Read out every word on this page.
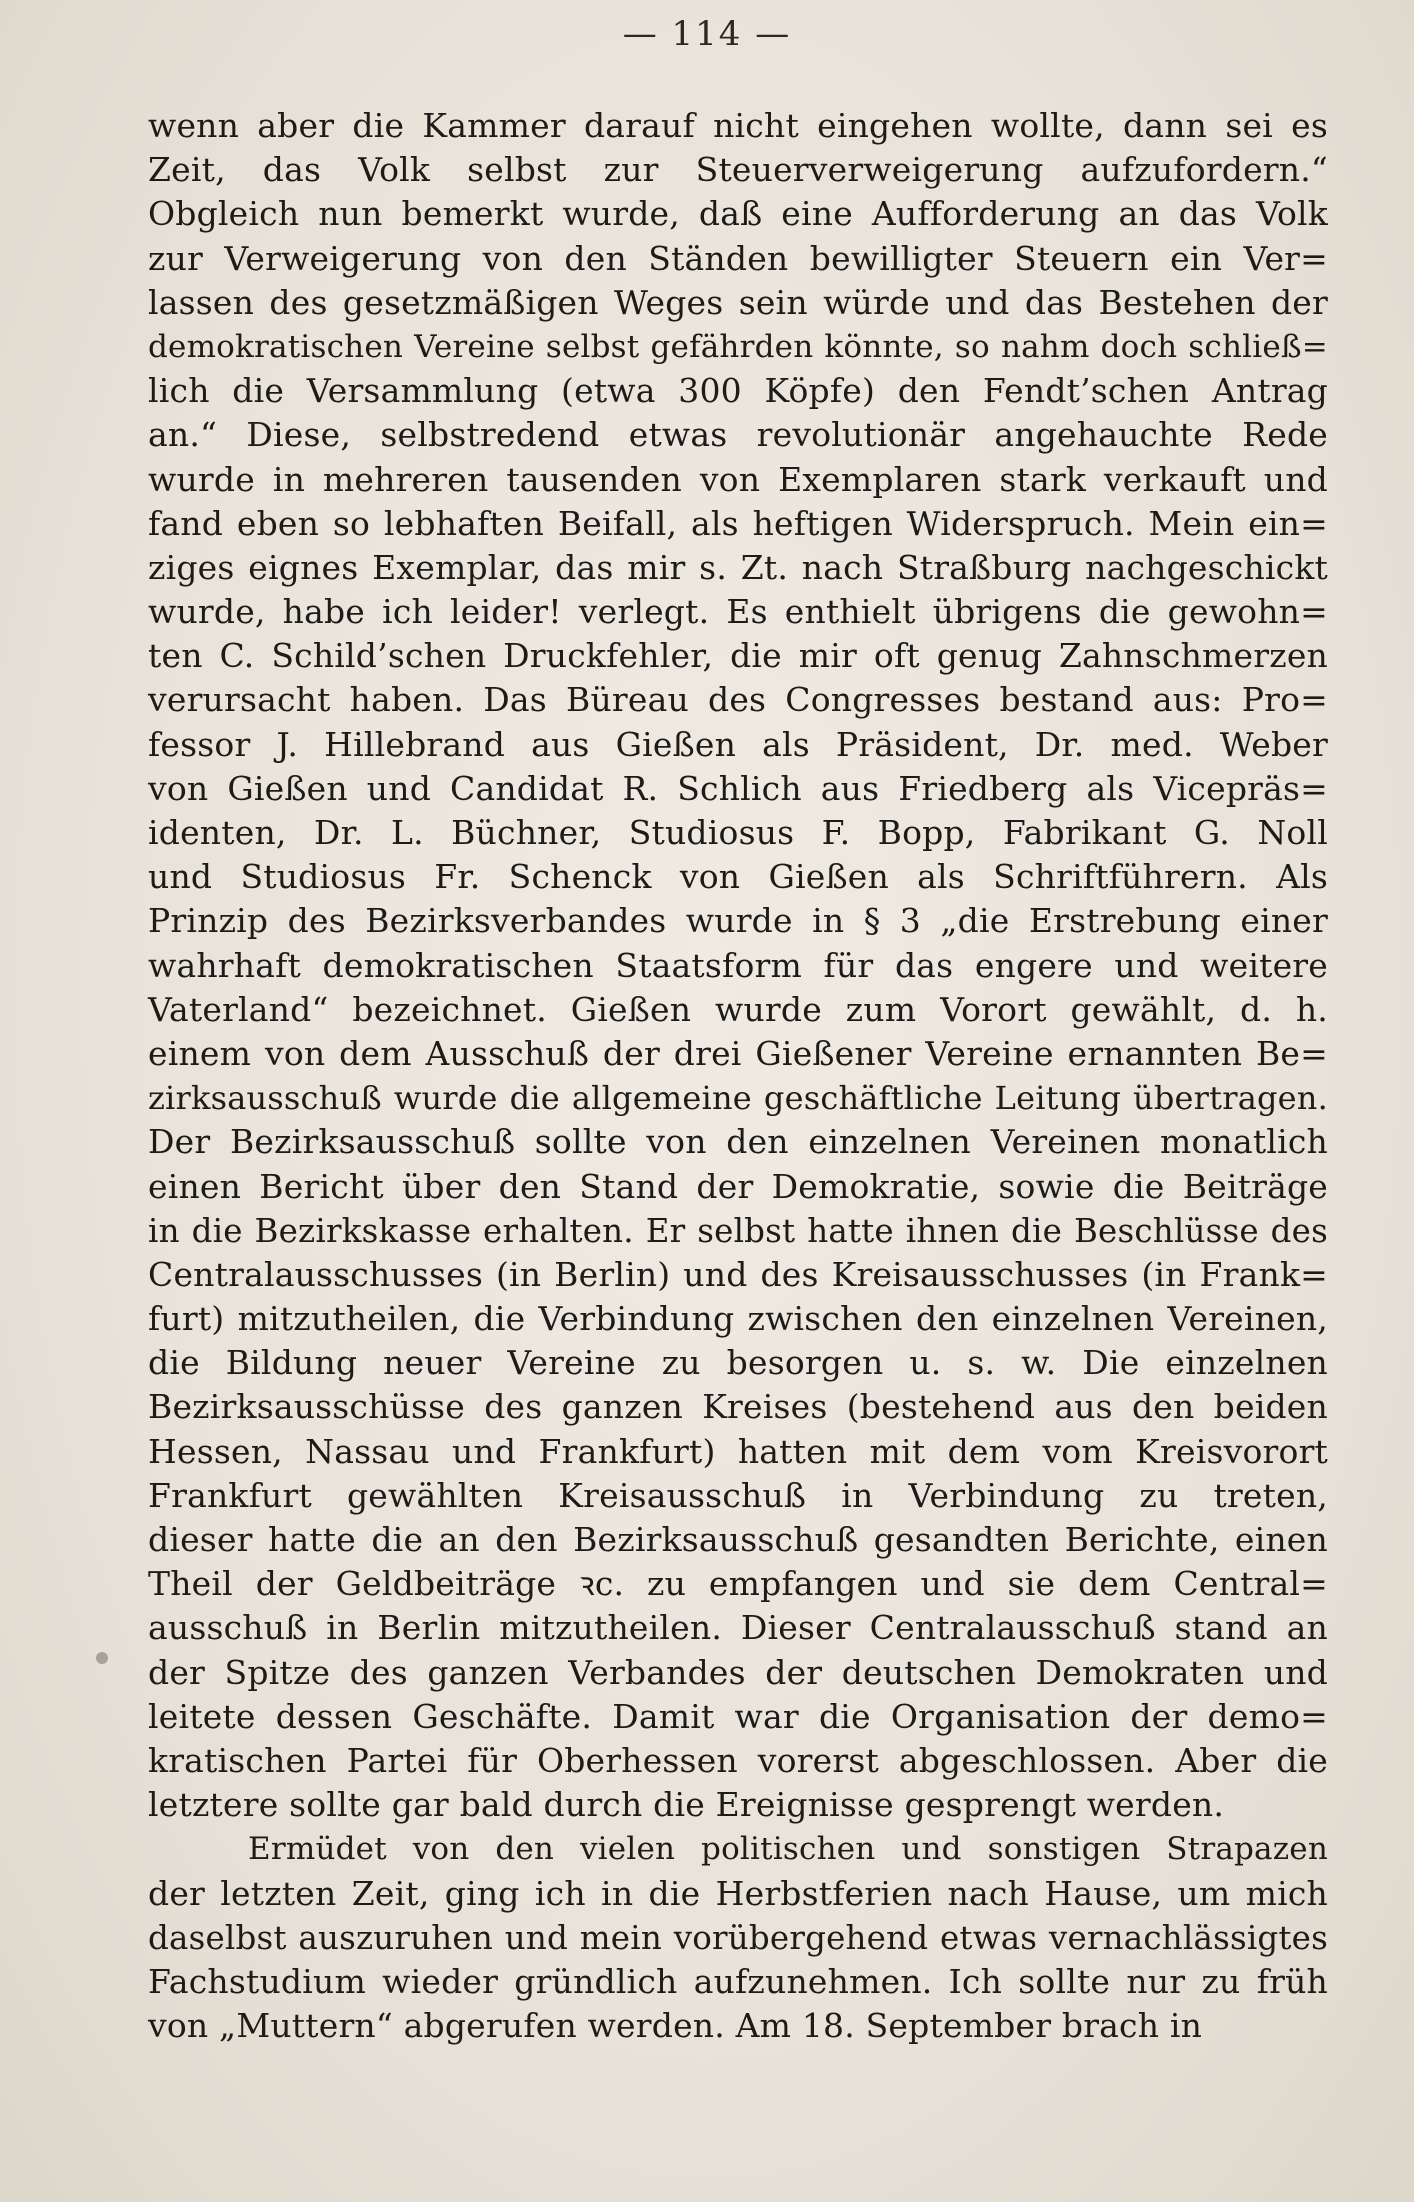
— 114 —
wenn aber die Kammer darauf nicht eingehen wollte, dann sei es
Zeit, das Volk selbst zur Steuerverweigerung aufzufordern.“
Obgleich nun bemerkt wurde, daß eine Aufforderung an das Volk
zur Verweigerung von den Ständen bewilligter Steuern ein Ver=
lassen des gesetzmäßigen Weges sein würde und das Bestehen der
demokratischen Vereine selbst gefährden könnte, so nahm doch schließ=
lich die Versammlung (etwa 300 Köpfe) den Fendt’schen Antrag
an.“ Diese, selbstredend etwas revolutionär angehauchte Rede
wurde in mehreren tausenden von Exemplaren stark verkauft und
fand eben so lebhaften Beifall, als heftigen Widerspruch. Mein ein=
ziges eignes Exemplar, das mir s. Zt. nach Straßburg nachgeschickt
wurde, habe ich leider! verlegt. Es enthielt übrigens die gewohn=
ten C. Schild’schen Druckfehler, die mir oft genug Zahnschmerzen
verursacht haben. Das Büreau des Congresses bestand aus: Pro=
fessor J. Hillebrand aus Gießen als Präsident, Dr. med. Weber
von Gießen und Candidat R. Schlich aus Friedberg als Vicepräs=
identen, Dr. L. Büchner, Studiosus F. Bopp, Fabrikant G. Noll
und Studiosus Fr. Schenck von Gießen als Schriftführern. Als
Prinzip des Bezirksverbandes wurde in § 3 „die Erstrebung einer
wahrhaft demokratischen Staatsform für das engere und weitere
Vaterland“ bezeichnet. Gießen wurde zum Vorort gewählt, d. h.
einem von dem Ausschuß der drei Gießener Vereine ernannten Be=
zirksausschuß wurde die allgemeine geschäftliche Leitung übertragen.
Der Bezirksausschuß sollte von den einzelnen Vereinen monatlich
einen Bericht über den Stand der Demokratie, sowie die Beiträge
in die Bezirkskasse erhalten. Er selbst hatte ihnen die Beschlüsse des
Centralausschusses (in Berlin) und des Kreisausschusses (in Frank=
furt) mitzutheilen, die Verbindung zwischen den einzelnen Vereinen,
die Bildung neuer Vereine zu besorgen u. s. w. Die einzelnen
Bezirksausschüsse des ganzen Kreises (bestehend aus den beiden
Hessen, Nassau und Frankfurt) hatten mit dem vom Kreisvorort
Frankfurt gewählten Kreisausschuß in Verbindung zu treten,
dieser hatte die an den Bezirksausschuß gesandten Berichte, einen
Theil der Geldbeiträge ꝛc. zu empfangen und sie dem Central=
ausschuß in Berlin mitzutheilen. Dieser Centralausschuß stand an
der Spitze des ganzen Verbandes der deutschen Demokraten und
leitete dessen Geschäfte. Damit war die Organisation der demo=
kratischen Partei für Oberhessen vorerst abgeschlossen. Aber die
letztere sollte gar bald durch die Ereignisse gesprengt werden.
Ermüdet von den vielen politischen und sonstigen Strapazen
der letzten Zeit, ging ich in die Herbstferien nach Hause, um mich
daselbst auszuruhen und mein vorübergehend etwas vernachlässigtes
Fachstudium wieder gründlich aufzunehmen. Ich sollte nur zu früh
von „Muttern“ abgerufen werden. Am 18. September brach in
